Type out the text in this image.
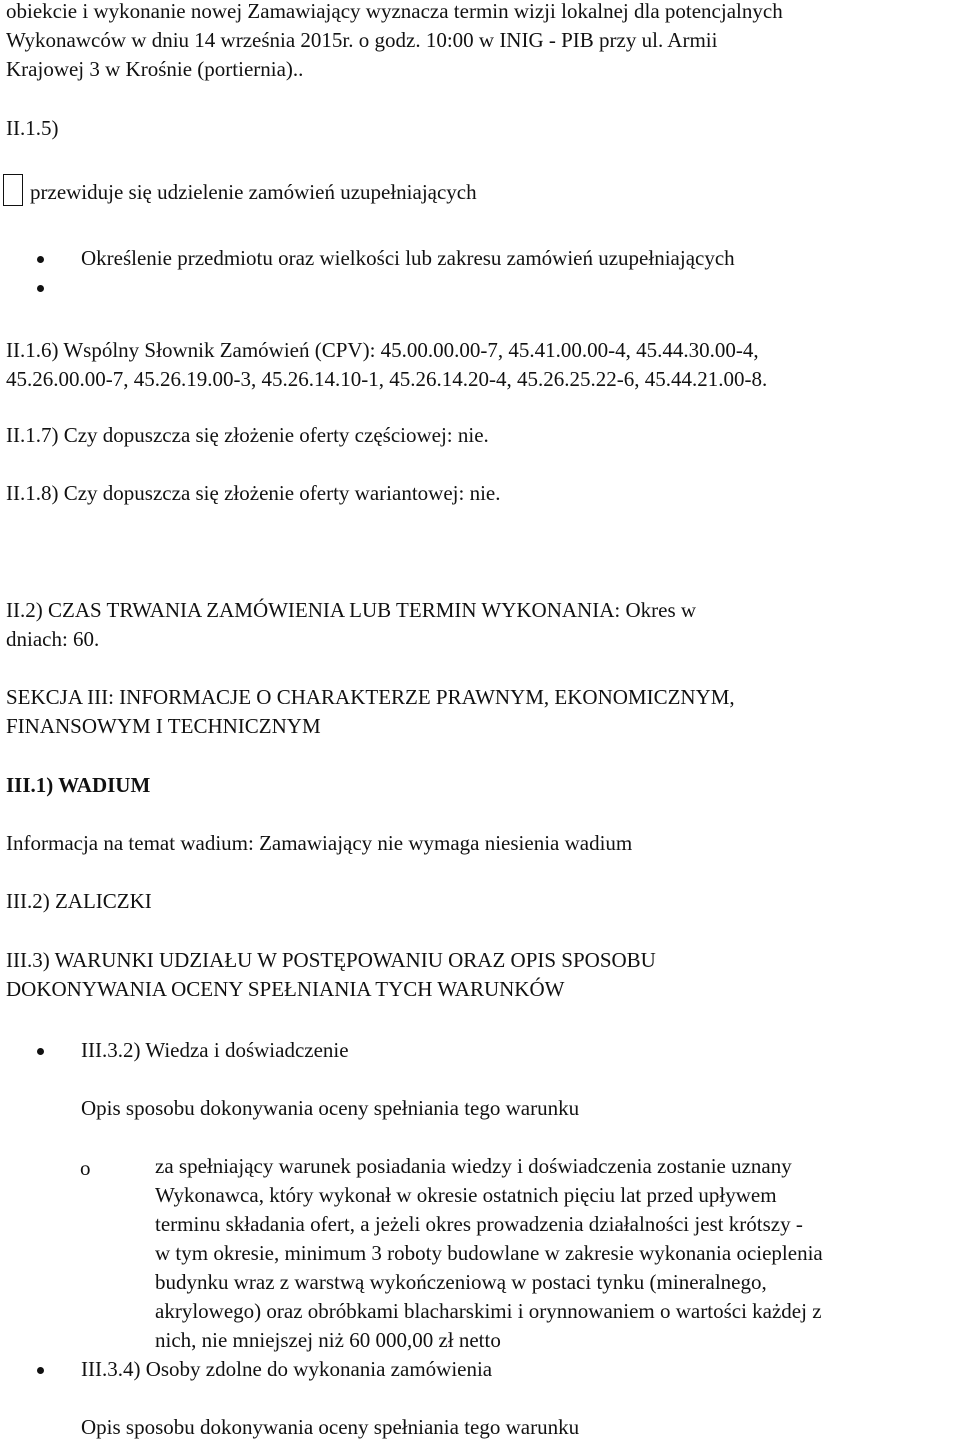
obiekcie i wykonanie nowej Zamawiający wyznacza termin wizji lokalnej dla potencjalnych
Wykonawców w dniu 14 września 2015r. o godz. 10:00 w INIG - PIB przy ul. Armii
Krajowej 3 w Krośnie (portiernia)..
II.1.5)
przewiduje się udzielenie zamówień uzupełniających
Określenie przedmiotu oraz wielkości lub zakresu zamówień uzupełniających
II.1.6) Wspólny Słownik Zamówień (CPV): 45.00.00.00-7, 45.41.00.00-4, 45.44.30.00-4,
45.26.00.00-7, 45.26.19.00-3, 45.26.14.10-1, 45.26.14.20-4, 45.26.25.22-6, 45.44.21.00-8.
II.1.7) Czy dopuszcza się złożenie oferty częściowej: nie.
II.1.8) Czy dopuszcza się złożenie oferty wariantowej: nie.
II.2) CZAS TRWANIA ZAMÓWIENIA LUB TERMIN WYKONANIA: Okres w
dniach: 60.
SEKCJA III: INFORMACJE O CHARAKTERZE PRAWNYM, EKONOMICZNYM,
FINANSOWYM I TECHNICZNYM
III.1) WADIUM
Informacja na temat wadium: Zamawiający nie wymaga niesienia wadium
III.2) ZALICZKI
III.3) WARUNKI UDZIAŁU W POSTĘPOWANIU ORAZ OPIS SPOSOBU
DOKONYWANIA OCENY SPEŁNIANIA TYCH WARUNKÓW
III.3.2) Wiedza i doświadczenie
Opis sposobu dokonywania oceny spełniania tego warunku
o	za spełniający warunek posiadania wiedzy i doświadczenia zostanie uznany
Wykonawca, który wykonał w okresie ostatnich pięciu lat przed upływem
terminu składania ofert, a jeżeli okres prowadzenia działalności jest krótszy -
w tym okresie, minimum 3 roboty budowlane w zakresie wykonania ocieplenia
budynku wraz z warstwą wykończeniową w postaci tynku (mineralnego,
akrylowego) oraz obróbkami blacharskimi i orynnowaniem o wartości każdej z
nich, nie mniejszej niż 60 000,00 zł netto
III.3.4) Osoby zdolne do wykonania zamówienia
Opis sposobu dokonywania oceny spełniania tego warunku
